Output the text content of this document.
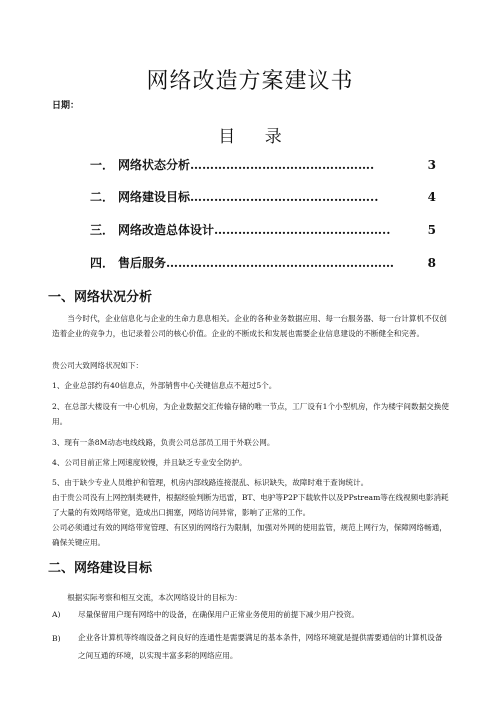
网络改造方案建议书
日期：
目 录
一． 网络状态分析 ……………………………………….	3
二． 网络建设目标 ………………………………………..	4
三． 网络改造总体设计 ……………………………………..	5
四． 售后服务 …………………………………………………	8
一、网络状况分析
当今时代，企业信息化与企业的生命力息息相关。企业的各种业务数据应用、每一台服务器、每一台计算机不仅创造着企业的竞争力，也记录着公司的核心价值。企业的不断成长和发展也需要企业信息建设的不断健全和完善。
贵公司大致网络状况如下：
1、企业总部约有40信息点，外部销售中心关键信息点不超过5个。
2、在总部大楼设有一中心机房，为企业数据交汇传输存储的唯一节点，工厂设有1个小型机房，作为楼宇间数据交换使用。
3、现有一条8M动态电线线路，负责公司总部员工用于外联公网。
4、公司目前正常上网速度较慢，并且缺乏专业安全防护。
5、由于缺少专业人员维护和管理，机房内部线路连接混乱、标识缺失，故障时难于查询统计。
由于贵公司没有上网控制类硬件，根据经验判断为迅雷，BT、电驴等P2P下载软件以及PPstream等在线视频电影消耗了大量的有效网络带宽，造成出口拥塞，网络访问异常，影响了正常的工作。
公司必须通过有效的网络带宽管理、有区别的网络行为限制，加强对外网的使用监管，规范上网行为，保障网络畅通，确保关键应用。
二、网络建设目标
根据实际考察和相互交流，本次网络设计的目标为：
A) 尽量保留用户现有网络中的设备，在确保用户正常业务使用的前提下减少用户投资。
B) 企业各计算机等终端设备之间良好的连通性是需要满足的基本条件，网络环境就是提供需要通信的计算机设备之间互通的环境，以实现丰富多彩的网络应用。
